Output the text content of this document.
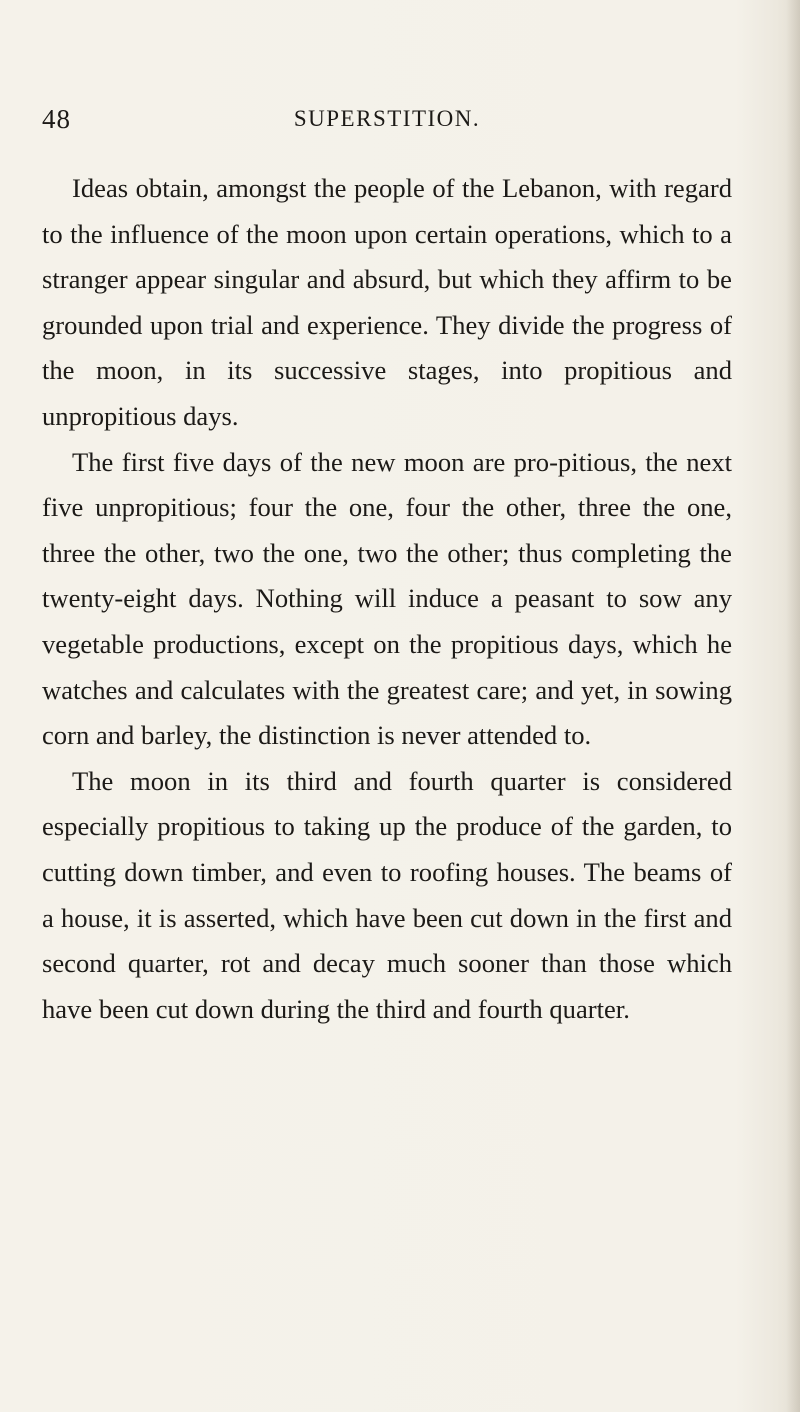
48	SUPERSTITION.

Ideas obtain, amongst the people of the Lebanon, with regard to the influence of the moon upon certain operations, which to a stranger appear singular and absurd, but which they affirm to be grounded upon trial and experience. They divide the progress of the moon, in its successive stages, into propitious and unpropitious days.

The first five days of the new moon are pro-pitious, the next five unpropitious; four the one, four the other, three the one, three the other, two the one, two the other; thus completing the twenty-eight days. Nothing will induce a peasant to sow any vegetable productions, except on the propitious days, which he watches and calculates with the greatest care; and yet, in sowing corn and barley, the distinction is never attended to.

The moon in its third and fourth quarter is considered especially propitious to taking up the produce of the garden, to cutting down timber, and even to roofing houses. The beams of a house, it is asserted, which have been cut down in the first and second quarter, rot and decay much sooner than those which have been cut down during the third and fourth quarter.
